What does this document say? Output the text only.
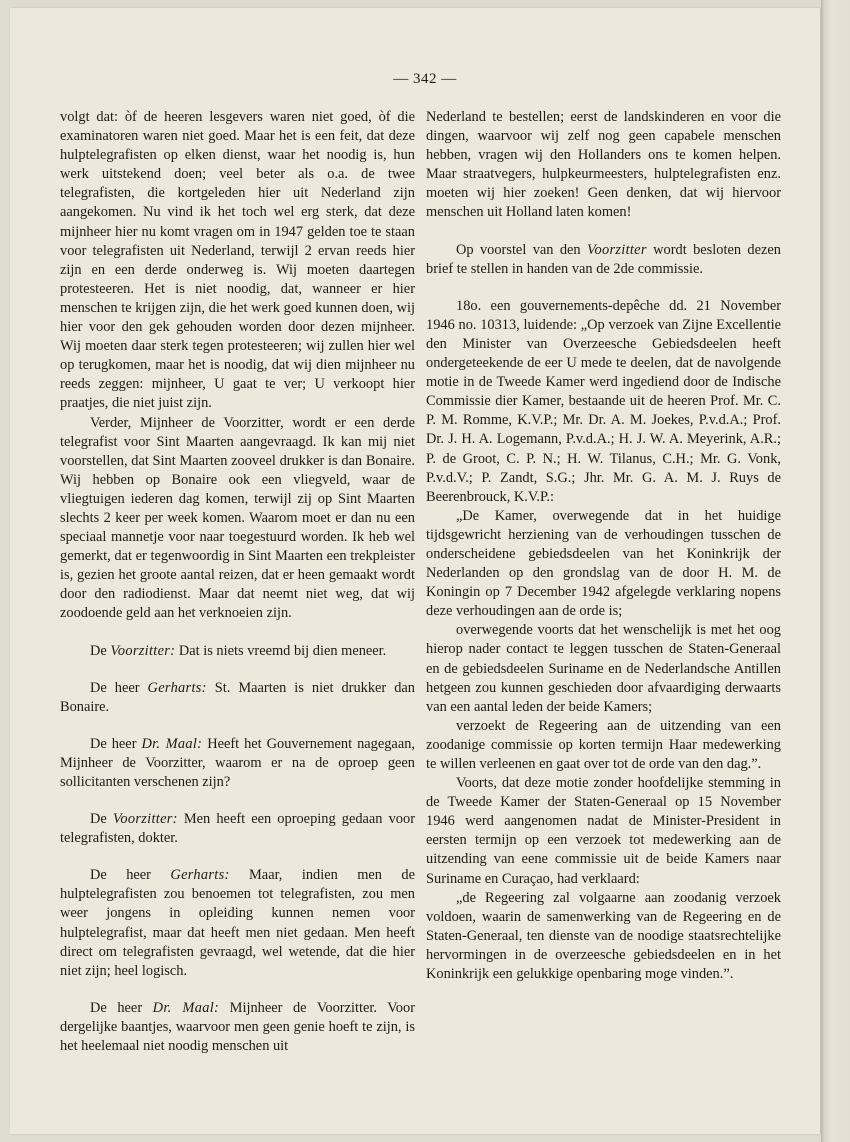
— 342 —

volgt dat: òf de heeren lesgevers waren niet goed, òf die examinatoren waren niet goed. Maar het is een feit, dat deze hulptelegrafisten op elken dienst, waar het noodig is, hun werk uitstekend doen; veel beter als o.a. de twee telegrafisten, die kortgeleden hier uit Nederland zijn aangekomen. Nu vind ik het toch wel erg sterk, dat deze mijnheer hier nu komt vragen om in 1947 gelden toe te staan voor telegrafisten uit Nederland, terwijl 2 ervan reeds hier zijn en een derde onderweg is. Wij moeten daartegen protesteeren. Het is niet noodig, dat, wanneer er hier menschen te krijgen zijn, die het werk goed kunnen doen, wij hier voor den gek gehouden worden door dezen mijnheer. Wij moeten daar sterk tegen protesteeren; wij zullen hier wel op terugkomen, maar het is noodig, dat wij dien mijnheer nu reeds zeggen: mijnheer, U gaat te ver; U verkoopt hier praatjes, die niet juist zijn.

Verder, Mijnheer de Voorzitter, wordt er een derde telegrafist voor Sint Maarten aangevraagd. Ik kan mij niet voorstellen, dat Sint Maarten zooveel drukker is dan Bonaire. Wij hebben op Bonaire ook een vliegveld, waar de vliegtuigen iederen dag komen, terwijl zij op Sint Maarten slechts 2 keer per week komen. Waarom moet er dan nu een speciaal mannetje voor naar toegestuurd worden. Ik heb wel gemerkt, dat er tegenwoordig in Sint Maarten een trekpleister is, gezien het groote aantal reizen, dat er heen gemaakt wordt door den radiodienst. Maar dat neemt niet weg, dat wij zoodoende geld aan het verknoeien zijn.

De Voorzitter: Dat is niets vreemd bij dien meneer.

De heer Gerharts: St. Maarten is niet drukker dan Bonaire.

De heer Dr. Maal: Heeft het Gouvernement nagegaan, Mijnheer de Voorzitter, waarom er na de oproep geen sollicitanten verschenen zijn?

De Voorzitter: Men heeft een oproeping gedaan voor telegrafisten, dokter.

De heer Gerharts: Maar, indien men de hulptelegrafisten zou benoemen tot telegrafisten, zou men weer jongens in opleiding kunnen nemen voor hulptelegrafist, maar dat heeft men niet gedaan. Men heeft direct om telegrafisten gevraagd, wel wetende, dat die hier niet zijn; heel logisch.

De heer Dr. Maal: Mijnheer de Voorzitter. Voor dergelijke baantjes, waarvoor men geen genie hoeft te zijn, is het heelemaal niet noodig menschen uit

Nederland te bestellen; eerst de landskinderen en voor die dingen, waarvoor wij zelf nog geen capabele menschen hebben, vragen wij den Hollanders ons te komen helpen. Maar straatvegers, hulpkeurmeesters, hulptelegrafisten enz. moeten wij hier zoeken! Geen denken, dat wij hiervoor menschen uit Holland laten komen!

Op voorstel van den Voorzitter wordt besloten dezen brief te stellen in handen van de 2de commissie.

18o. een gouvernements-depêche dd. 21 November 1946 no. 10313, luidende: „Op verzoek van Zijne Excellentie den Minister van Overzeesche Gebiedsdeelen heeft ondergeteekende de eer U mede te deelen, dat de navolgende motie in de Tweede Kamer werd ingediend door de Indische Commissie dier Kamer, bestaande uit de heeren Prof. Mr. C. P. M. Romme, K.V.P.; Mr. Dr. A. M. Joekes, P.v.d.A.; Prof. Dr. J. H. A. Logemann, P.v.d.A.; H. J. W. A. Meyerink, A.R.; P. de Groot, C. P. N.; H. W. Tilanus, C.H.; Mr. G. Vonk, P.v.d.V.; P. Zandt, S.G.; Jhr. Mr. G. A. M. J. Ruys de Beerenbrouck, K.V.P.:

„De Kamer, overwegende dat in het huidige tijdsgewricht herziening van de verhoudingen tusschen de onderscheidene gebiedsdeelen van het Koninkrijk der Nederlanden op den grondslag van de door H. M. de Koningin op 7 December 1942 afgelegde verklaring nopens deze verhoudingen aan de orde is;

overwegende voorts dat het wenschelijk is met het oog hierop nader contact te leggen tusschen de Staten-Generaal en de gebiedsdeelen Suriname en de Nederlandsche Antillen hetgeen zou kunnen geschieden door afvaardiging derwaarts van een aantal leden der beide Kamers;

verzoekt de Regeering aan de uitzending van een zoodanige commissie op korten termijn Haar medewerking te willen verleenen en gaat over tot de orde van den dag.”.

Voorts, dat deze motie zonder hoofdelijke stemming in de Tweede Kamer der Staten-Generaal op 15 November 1946 werd aangenomen nadat de Minister-President in eersten termijn op een verzoek tot medewerking aan de uitzending van eene commissie uit de beide Kamers naar Suriname en Curaçao, had verklaard:

„de Regeering zal volgaarne aan zoodanig verzoek voldoen, waarin de samenwerking van de Regeering en de Staten-Generaal, ten dienste van de noodige staatsrechtelijke hervormingen in de overzeesche gebiedsdeelen en in het Koninkrijk een gelukkige openbaring moge vinden.”.
